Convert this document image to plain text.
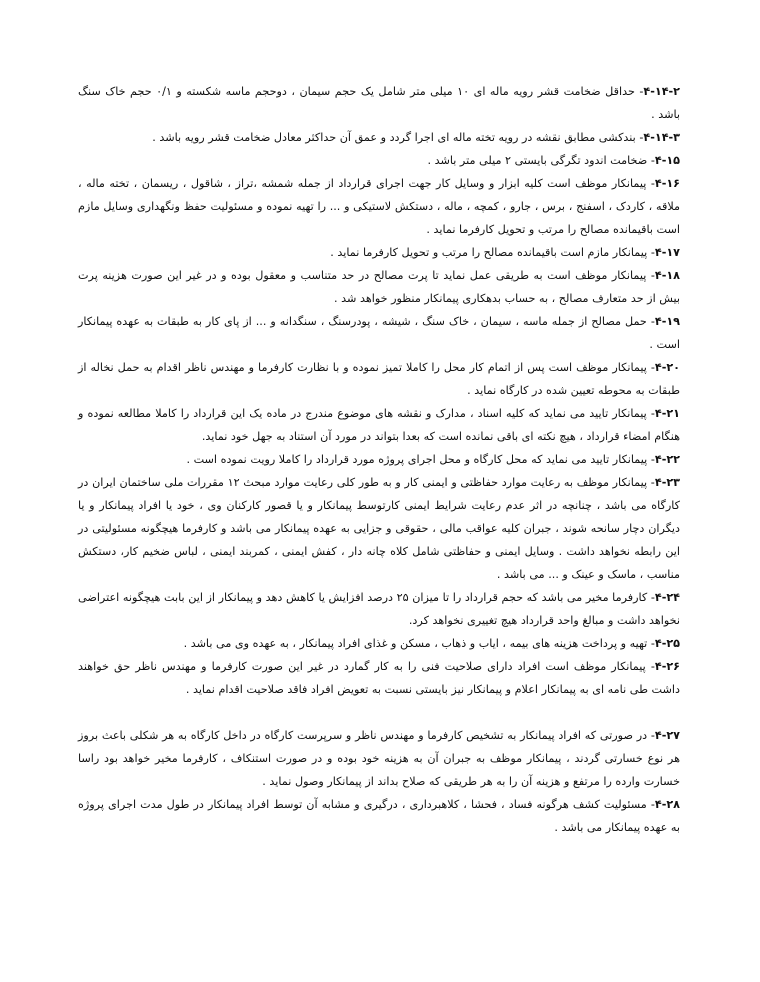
۴-۱۴-۲- حداقل ضخامت قشر رویه ماله ای ۱۰ میلی متر شامل یک حجم سیمان ، دوحجم ماسه شکسته و ۰/۱ حجم خاک سنگ باشد .

۴-۱۴-۳- بندکشی مطابق نقشه در رویه تخته ماله ای اجرا گردد و عمق آن حداکثر معادل ضخامت قشر رویه باشد .

۴-۱۵- ضخامت اندود تگرگی بایستی ۲ میلی متر باشد .

۴-۱۶- پیمانکار موظف است کلیه ابزار و وسایل کار جهت اجرای قرارداد از جمله شمشه ،تراز ، شاقول ، ریسمان ، تخته ماله ، ملاقه ، کاردک ، اسفنج ، برس ، جارو ، کمچه ، ماله ، دستکش لاستیکی و ... را تهیه نموده و مسئولیت حفظ ونگهداری وسایل مازم است باقیمانده مصالح را مرتب و تحویل کارفرما نماید .

۴-۱۷- پیمانکار مازم است باقیمانده مصالح را مرتب و تحویل کارفرما نماید .

۴-۱۸- پیمانکار موظف است به طریقی عمل نماید تا پرت مصالح در حد متناسب و معقول بوده و در غیر این صورت هزینه پرت بیش از حد متعارف مصالح ، به حساب بدهکاری پیمانکار منظور خواهد شد .

۴-۱۹- حمل مصالح از جمله ماسه ، سیمان ، خاک سنگ ، شیشه ، پودرسنگ ، سنگدانه و ... از پای کار به طبقات به عهده پیمانکار است .

۴-۲۰- پیمانکار موظف است پس از اتمام کار محل را کاملا تمیز نموده و با نظارت کارفرما و مهندس ناظر اقدام به حمل نخاله از طبقات به محوطه تعیین شده در کارگاه نماید .

۴-۲۱- پیمانکار تایید می نماید که کلیه اسناد ، مدارک و نقشه های موضوع مندرج در ماده یک این قرارداد را کاملا مطالعه نموده و هنگام امضاء قرارداد ، هیچ نکته ای باقی نمانده است که بعدا بتواند در مورد آن استناد به جهل خود نماید.

۴-۲۲- پیمانکار تایید می نماید که محل کارگاه و محل اجرای پروژه مورد قرارداد را کاملا رویت نموده است .

۴-۲۳- پیمانکار موظف به رعایت موارد حفاظتی و ایمنی کار و به طور کلی رعایت موارد مبحث ۱۲ مقررات ملی ساختمان ایران در کارگاه می باشد ، چنانچه در اثر عدم رعایت شرایط ایمنی کارتوسط پیمانکار و یا قصور کارکنان وی ، خود یا افراد پیمانکار و یا دیگران دچار سانحه شوند ، جبران کلیه عواقب مالی ، حقوقی و جزایی به عهده پیمانکار می باشد و کارفرما هیچگونه مسئولیتی در این رابطه نخواهد داشت . وسایل ایمنی و حفاظتی شامل کلاه چانه دار ، کفش ایمنی ، کمربند ایمنی ، لباس ضخیم کار، دستکش مناسب ، ماسک و عینک و ... می باشد .

۴-۲۴- کارفرما مخیر می باشد که حجم قرارداد را تا میزان ۲۵ درصد افزایش یا کاهش دهد و پیمانکار از این بابت هیچگونه اعتراضی نخواهد داشت و مبالغ واحد قرارداد هیچ تغییری نخواهد کرد.

۴-۲۵- تهیه و پرداخت هزینه های بیمه ، ایاب و ذهاب ، مسکن و غذای افراد پیمانکار ، به عهده وی می باشد .

۴-۲۶- پیمانکار موظف است افراد دارای صلاحیت فنی را به کار گمارد در غیر این صورت کارفرما و مهندس ناظر حق خواهند داشت طی نامه ای به پیمانکار اعلام و پیمانکار نیز بایستی نسبت به تعویض افراد فاقد صلاحیت اقدام نماید .

۴-۲۷- در صورتی که افراد پیمانکار به تشخیص کارفرما و مهندس ناظر و سرپرست کارگاه در داخل کارگاه به هر شکلی باعث بروز هر نوع خسارتی گردند ، پیمانکار موظف به جبران آن به هزینه خود بوده و در صورت استنکاف ، کارفرما مخیر خواهد بود راسا خسارت وارده را مرتفع و هزینه آن را به هر طریقی که صلاح بداند از پیمانکار وصول نماید .

۴-۲۸- مسئولیت کشف هرگونه فساد ، فحشا ، کلاهبرداری ، درگیری و مشابه آن توسط افراد پیمانکار در طول مدت اجرای پروژه به عهده پیمانکار می باشد .
